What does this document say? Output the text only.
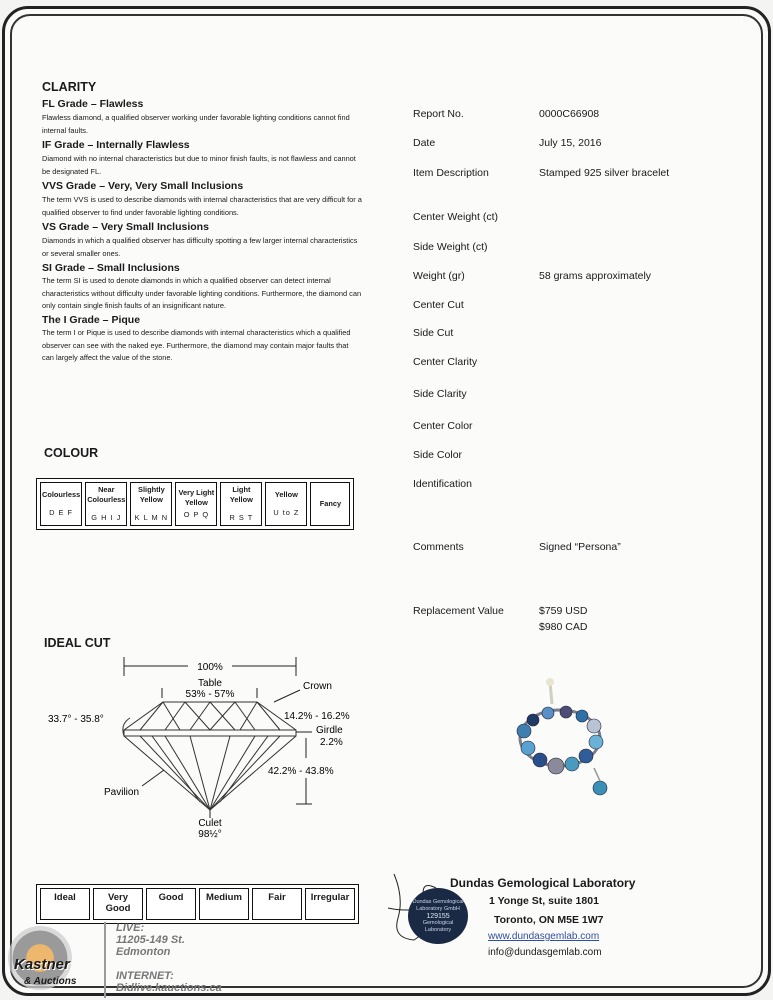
CLARITY
FL Grade – Flawless
Flawless diamond, a qualified observer working under favorable lighting conditions cannot find internal faults.
IF Grade – Internally Flawless
Diamond with no internal characteristics but due to minor finish faults, is not flawless and cannot be designated FL.
VVS Grade – Very, Very Small Inclusions
The term VVS is used to describe diamonds with internal characteristics that are very difficult for a qualified observer to find under favorable lighting conditions.
VS Grade – Very Small Inclusions
Diamonds in which a qualified observer has difficulty spotting a few larger internal characteristics or several smaller ones.
SI Grade – Small Inclusions
The term SI is used to denote diamonds in which a qualified observer can detect internal characteristics without difficulty under favorable lighting conditions. Furthermore, the diamond can only contain single finish faults of an insignificant nature.
The I Grade – Pique
The term I or Pique is used to describe diamonds with internal characteristics which a qualified observer can see with the naked eye. Furthermore, the diamond may contain major faults that can largely affect the value of the stone.
COLOUR
Colourless
D E F

Near Colourless
G H I J

Slightly Yellow
K L M N

Very Light Yellow
O P Q

Light Yellow
R S T

Yellow
U to Z

Fancy
IDEAL CUT
100%
Table
53% - 57%
33.7° - 35.8°
Crown
14.2% - 16.2%
Girdle
2.2%
42.2% - 43.8%
Pavilion
Culet
98½°
Ideal	Very Good	Good	Medium	Fair	Irregular
Report No.	0000C66908
Date	July 15, 2016
Item Description	Stamped 925 silver bracelet
Center Weight (ct)
Side Weight (ct)
Weight (gr)	58 grams approximately
Center Cut
Side Cut
Center Clarity
Side Clarity
Center Color
Side Color
Identification
Comments	Signed “Persona”
Replacement Value	$759 USD
$980 CAD
Dundas Gemological
Laboratory GmbH
129155
Gemological
Laboratory
Dundas Gemological Laboratory
1 Yonge St, suite 1801
Toronto, ON M5E 1W7
www.dundasgemlab.com
info@dundasgemlab.com
Kastner
& Auctions
LIVE:
11205-149 St.
Edmonton
INTERNET:
Bidlive.kauctions.ca
